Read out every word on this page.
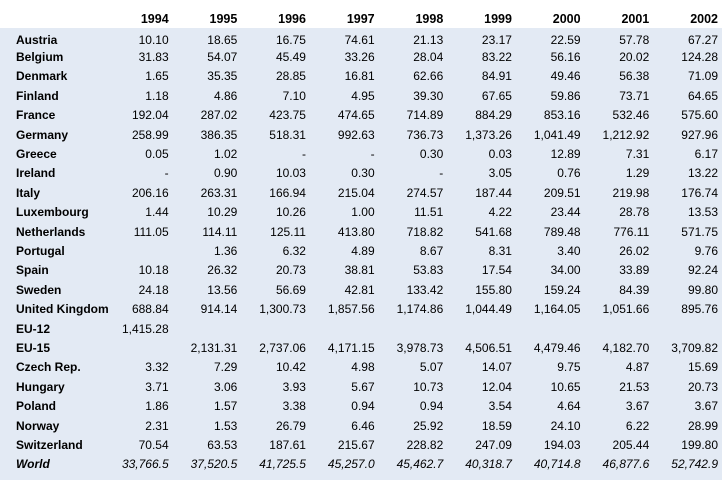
	1994	1995	1996	1997	1998	1999	2000	2001	2002
Austria	10.10	18.65	16.75	74.61	21.13	23.17	22.59	57.78	67.27
Belgium	31.83	54.07	45.49	33.26	28.04	83.22	56.16	20.02	124.28
Denmark	1.65	35.35	28.85	16.81	62.66	84.91	49.46	56.38	71.09
Finland	1.18	4.86	7.10	4.95	39.30	67.65	59.86	73.71	64.65
France	192.04	287.02	423.75	474.65	714.89	884.29	853.16	532.46	575.60
Germany	258.99	386.35	518.31	992.63	736.73	1,373.26	1,041.49	1,212.92	927.96
Greece	0.05	1.02	-	-	0.30	0.03	12.89	7.31	6.17
Ireland	-	0.90	10.03	0.30	-	3.05	0.76	1.29	13.22
Italy	206.16	263.31	166.94	215.04	274.57	187.44	209.51	219.98	176.74
Luxembourg	1.44	10.29	10.26	1.00	11.51	4.22	23.44	28.78	13.53
Netherlands	111.05	114.11	125.11	413.80	718.82	541.68	789.48	776.11	571.75
Portugal		1.36	6.32	4.89	8.67	8.31	3.40	26.02	9.76
Spain	10.18	26.32	20.73	38.81	53.83	17.54	34.00	33.89	92.24
Sweden	24.18	13.56	56.69	42.81	133.42	155.80	159.24	84.39	99.80
United Kingdom	688.84	914.14	1,300.73	1,857.56	1,174.86	1,044.49	1,164.05	1,051.66	895.76
EU-12	1,415.28								
EU-15		2,131.31	2,737.06	4,171.15	3,978.73	4,506.51	4,479.46	4,182.70	3,709.82
Czech Rep.	3.32	7.29	10.42	4.98	5.07	14.07	9.75	4.87	15.69
Hungary	3.71	3.06	3.93	5.67	10.73	12.04	10.65	21.53	20.73
Poland	1.86	1.57	3.38	0.94	0.94	3.54	4.64	3.67	3.67
Norway	2.31	1.53	26.79	6.46	25.92	18.59	24.10	6.22	28.99
Switzerland	70.54	63.53	187.61	215.67	228.82	247.09	194.03	205.44	199.80
World	33,766.5	37,520.5	41,725.5	45,257.0	45,462.7	40,318.7	40,714.8	46,877.6	52,742.9
